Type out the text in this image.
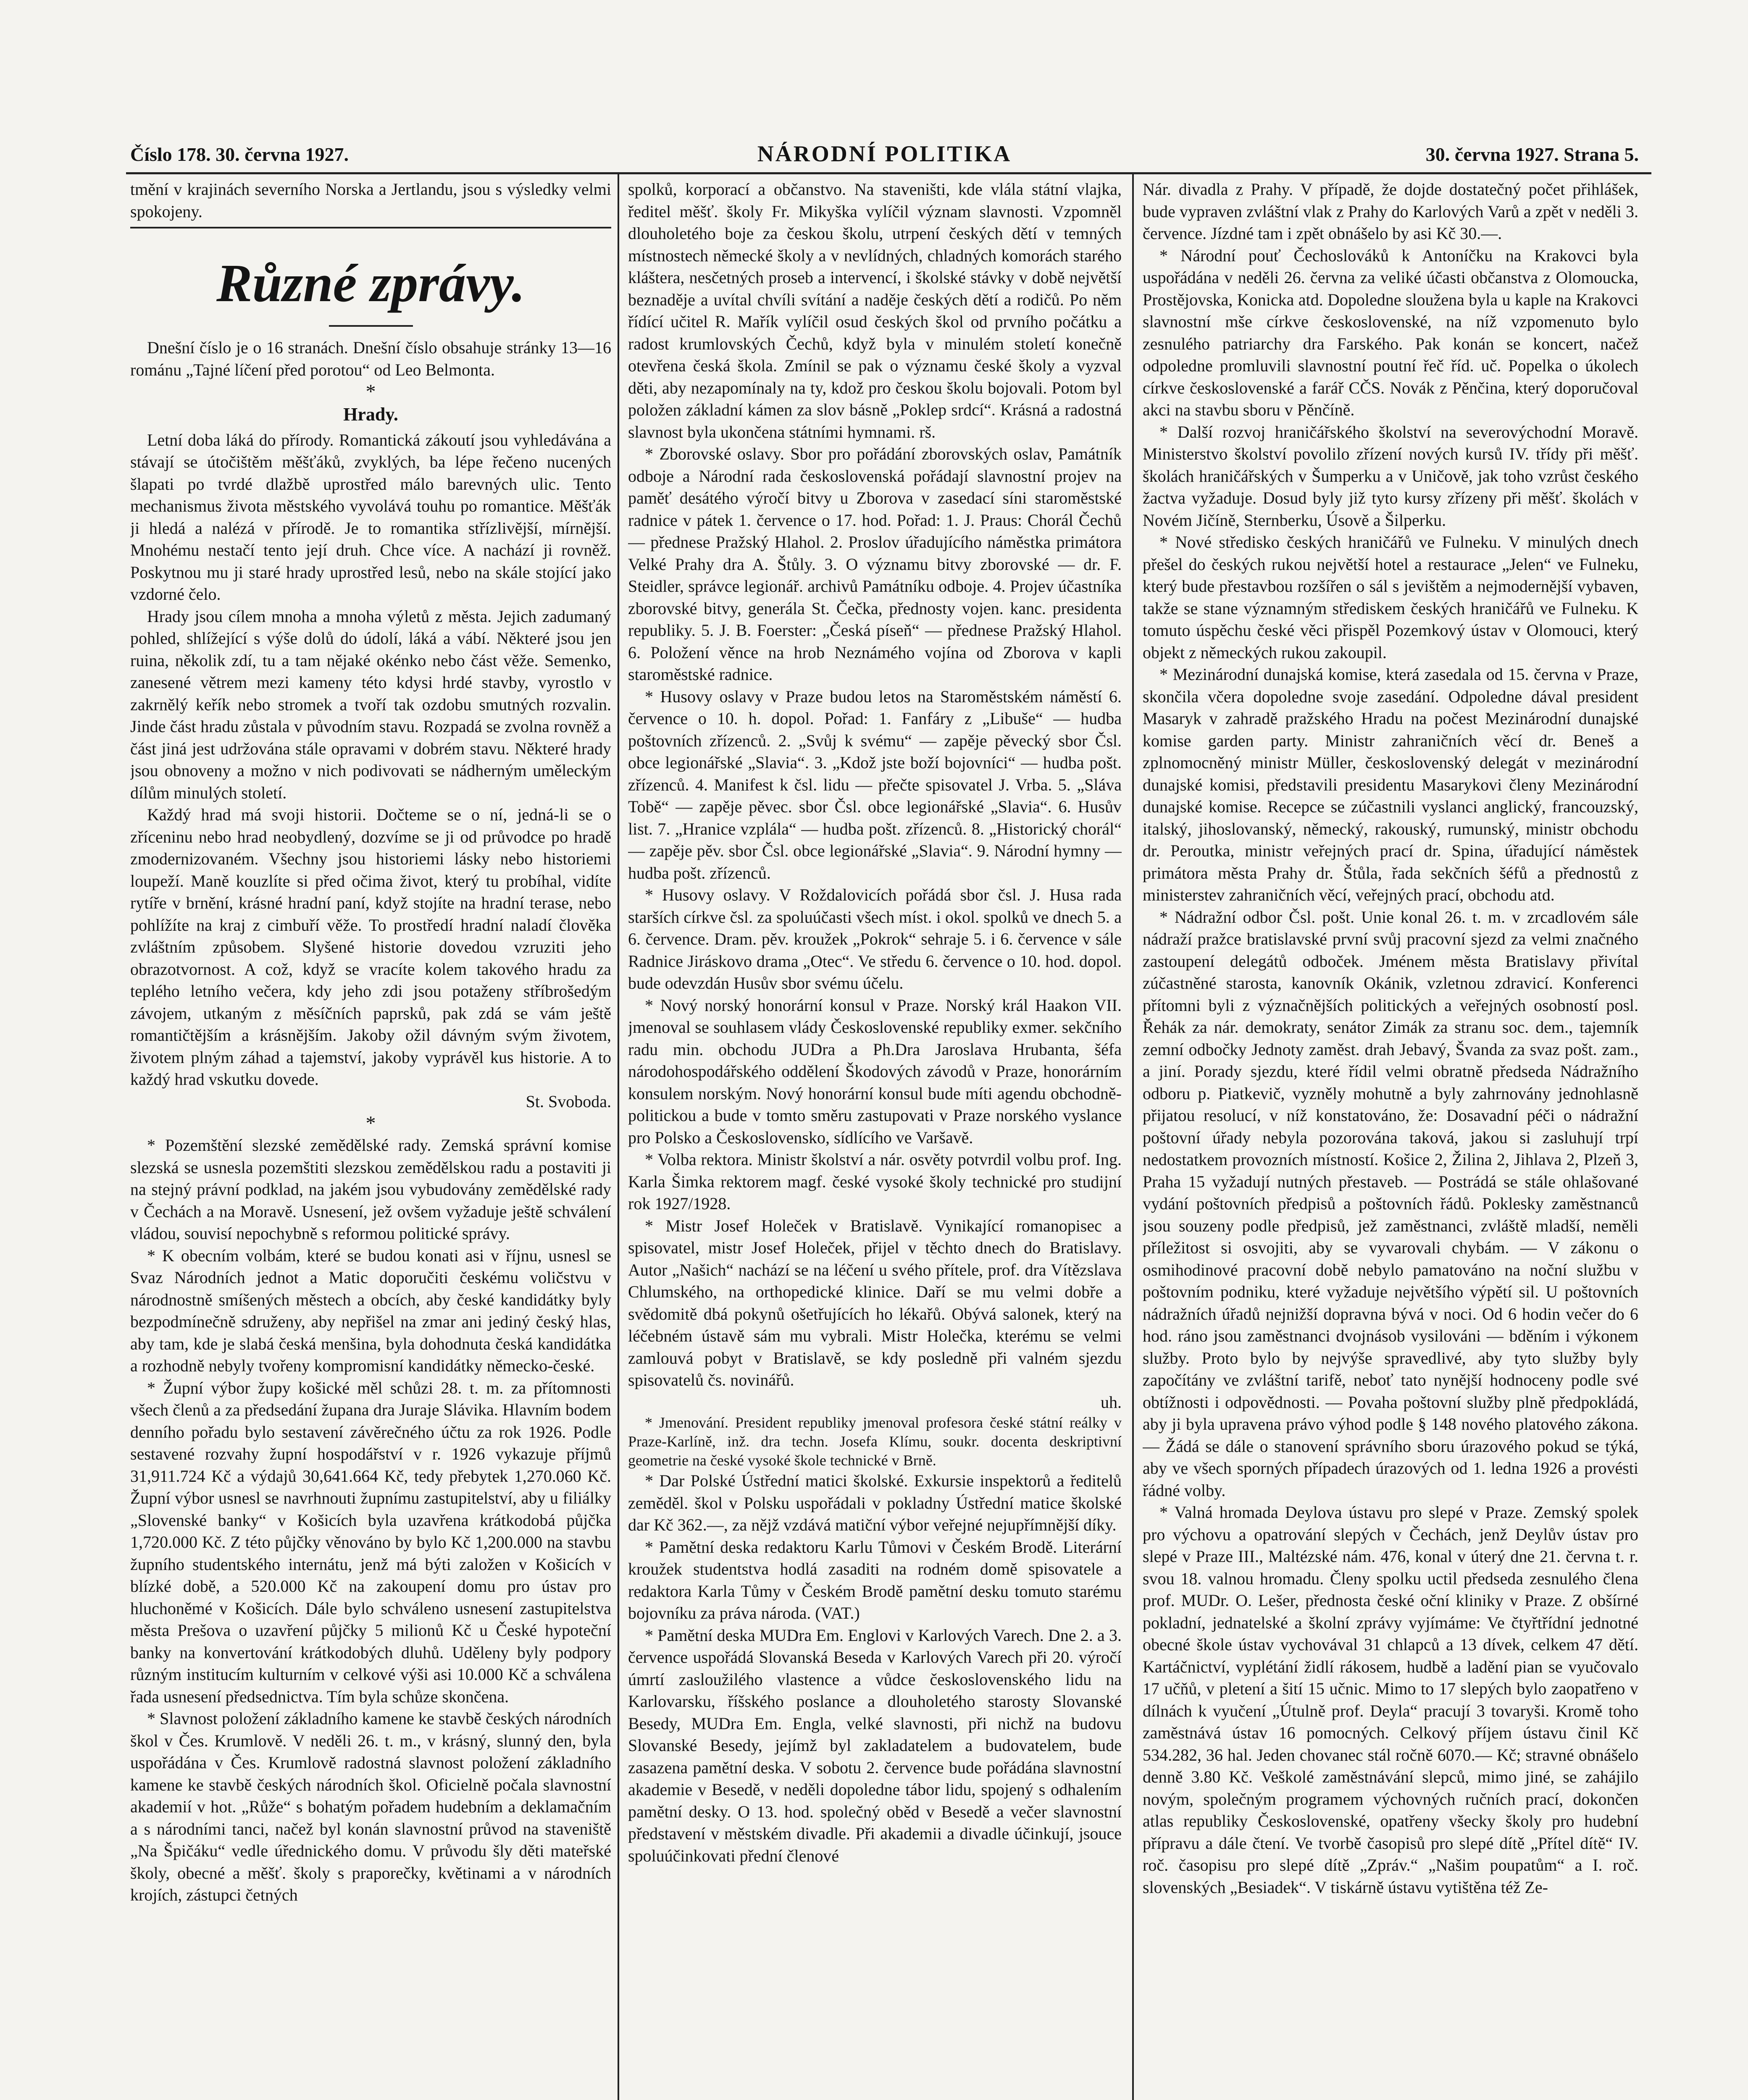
Číslo 178. 30. června 1927.	NÁRODNÍ POLITIKA	30. června 1927. Strana 5.

tmění v krajinách severního Norska a Jertlandu, jsou s výsledky velmi spokojeny.

Různé zprávy.

Dnešní číslo je o 16 stranách. Dnešní číslo obsahuje stránky 13—16 románu „Tajné líčení před porotou“ od Leo Belmonta.

*
Hrady.

Letní doba láká do přírody. Romantická zákoutí jsou vyhledávána a stávají se útočištěm měšťáků, zvyklých, ba lépe řečeno nucených šlapati po tvrdé dlažbě uprostřed málo barevných ulic. Tento mechanismus života městského vyvolává touhu po romantice. Měšťák ji hledá a nalézá v přírodě. Je to romantika střízlivější, mírnější. Mnohému nestačí tento její druh. Chce více. A nachází ji rovněž. Poskytnou mu ji staré hrady uprostřed lesů, nebo na skále stojící jako vzdorné čelo.

Hrady jsou cílem mnoha a mnoha výletů z města. Jejich zadumaný pohled, shlížející s výše dolů do údolí, láká a vábí. Některé jsou jen ruina, několik zdí, tu a tam nějaké okénko nebo část věže. Semenko, zanesené větrem mezi kameny této kdysi hrdé stavby, vyrostlo v zakrnělý keřík nebo stromek a tvoří tak ozdobu smutných rozvalin. Jinde část hradu zůstala v původním stavu. Rozpadá se zvolna rovněž a část jiná jest udržována stále opravami v dobrém stavu. Některé hrady jsou obnoveny a možno v nich podivovati se nádherným uměleckým dílům minulých století.

Každý hrad má svoji historii. Dočteme se o ní, jedná-li se o zříceninu nebo hrad neobydlený, dozvíme se ji od průvodce po hradě zmodernizovaném. Všechny jsou historiemi lásky nebo historiemi loupeží. Maně kouzlíte si před očima život, který tu probíhal, vidíte rytíře v brnění, krásné hradní paní, když stojíte na hradní terase, nebo pohlížíte na kraj z cimbuří věže. To prostředí hradní naladí člověka zvláštním způsobem. Slyšené historie dovedou vzruziti jeho obrazotvornost. A což, když se vracíte kolem takového hradu za teplého letního večera, kdy jeho zdi jsou potaženy stříbrošedým závojem, utkaným z měsíčních paprsků, pak zdá se vám ještě romantičtějším a krásnějším. Jakoby ožil dávným svým životem, životem plným záhad a tajemství, jakoby vyprávěl kus historie. A to každý hrad vskutku dovede.

St. Svoboda.

*

* Pozemštění slezské zemědělské rady. Zemská správní komise slezská se usnesla pozemštiti slezskou zemědělskou radu a postaviti ji na stejný právní podklad, na jakém jsou vybudovány zemědělské rady v Čechách a na Moravě. Usnesení, jež ovšem vyžaduje ještě schválení vládou, souvisí nepochybně s reformou politické správy.

* K obecním volbám, které se budou konati asi v říjnu, usnesl se Svaz Národních jednot a Matic doporučiti českému voličstvu v národnostně smíšených městech a obcích, aby české kandidátky byly bezpodmínečně sdruženy, aby nepřišel na zmar ani jediný český hlas, aby tam, kde je slabá česká menšina, byla dohodnuta česká kandidátka a rozhodně nebyly tvořeny kompromisní kandidátky německo-české.

* Župní výbor župy košické měl schůzi 28. t. m. za přítomnosti všech členů a za předsedání župana dra Juraje Slávika. Hlavním bodem denního pořadu bylo sestavení závěrečného účtu za rok 1926. Podle sestavené rozvahy župní hospodářství v r. 1926 vykazuje příjmů 31,911.724 Kč a výdajů 30,641.664 Kč, tedy přebytek 1,270.060 Kč. Župní výbor usnesl se navrhnouti župnímu zastupitelství, aby u filiálky „Slovenské banky“ v Košicích byla uzavřena krátkodobá půjčka 1,720.000 Kč. Z této půjčky věnováno by bylo Kč 1,200.000 na stavbu župního studentského internátu, jenž má býti založen v Košicích v blízké době, a 520.000 Kč na zakoupení domu pro ústav pro hluchoněmé v Košicích. Dále bylo schváleno usnesení zastupitelstva města Prešova o uzavření půjčky 5 milionů Kč u České hypoteční banky na konvertování krátkodobých dluhů. Uděleny byly podpory různým institucím kulturním v celkové výši asi 10.000 Kč a schválena řada usnesení předsednictva. Tím byla schůze skončena.

* Slavnost položení základního kamene ke stavbě českých národních škol v Čes. Krumlově. V neděli 26. t. m., v krásný, slunný den, byla uspořádána v Čes. Krumlově radostná slavnost položení základního kamene ke stavbě českých národních škol. Oficielně počala slavnostní akademií v hot. „Růže“ s bohatým pořadem hudebním a deklamačním a s národními tanci, načež byl konán slavnostní průvod na staveniště „Na Špičáku“ vedle úřednického domu. V průvodu šly děti mateřské školy, obecné a měšť. školy s praporečky, květinami a v národních krojích, zástupci četných

spolků, korporací a občanstvo. Na staveništi, kde vlála státní vlajka, ředitel měšť. školy Fr. Mikyška vylíčil význam slavnosti. Vzpomněl dlouholetého boje za českou školu, utrpení českých dětí v temných místnostech německé školy a v nevlídných, chladných komorách starého kláštera, nesčetných proseb a intervencí, i školské stávky v době největší beznaděje a uvítal chvíli svítání a naděje českých dětí a rodičů. Po něm řídící učitel R. Mařík vylíčil osud českých škol od prvního počátku a radost krumlovských Čechů, když byla v minulém století konečně otevřena česká škola. Zmínil se pak o významu české školy a vyzval děti, aby nezapomínaly na ty, kdož pro českou školu bojovali. Potom byl položen základní kámen za slov básně „Poklep srdcí“. Krásná a radostná slavnost byla ukončena státními hymnami. rš.

* Zborovské oslavy. Sbor pro pořádání zborovských oslav, Památník odboje a Národní rada československá pořádají slavnostní projev na paměť desátého výročí bitvy u Zborova v zasedací síni staroměstské radnice v pátek 1. července o 17. hod. Pořad: 1. J. Praus: Chorál Čechů — přednese Pražský Hlahol. 2. Proslov úřadujícího náměstka primátora Velké Prahy dra A. Štůly. 3. O významu bitvy zborovské — dr. F. Steidler, správce legionář. archivů Památníku odboje. 4. Projev účastníka zborovské bitvy, generála St. Čečka, přednosty vojen. kanc. presidenta republiky. 5. J. B. Foerster: „Česká píseň“ — přednese Pražský Hlahol. 6. Položení věnce na hrob Neznámého vojína od Zborova v kapli staroměstské radnice.

* Husovy oslavy v Praze budou letos na Staroměstském náměstí 6. července o 10. h. dopol. Pořad: 1. Fanfáry z „Libuše“ — hudba poštovních zřízenců. 2. „Svůj k svému“ — zapěje pěvecký sbor Čsl. obce legionářské „Slavia“. 3. „Kdož jste boží bojovníci“ — hudba pošt. zřízenců. 4. Manifest k čsl. lidu — přečte spisovatel J. Vrba. 5. „Sláva Tobě“ — zapěje pěvec. sbor Čsl. obce legionářské „Slavia“. 6. Husův list. 7. „Hranice vzplála“ — hudba pošt. zřízenců. 8. „Historický chorál“ — zapěje pěv. sbor Čsl. obce legionářské „Slavia“. 9. Národní hymny — hudba pošt. zřízenců.

* Husovy oslavy. V Roždalovicích pořádá sbor čsl. J. Husa rada starších církve čsl. za spoluúčasti všech míst. i okol. spolků ve dnech 5. a 6. července. Dram. pěv. kroužek „Pokrok“ sehraje 5. i 6. července v sále Radnice Jiráskovo drama „Otec“. Ve středu 6. července o 10. hod. dopol. bude odevzdán Husův sbor svému účelu.

* Nový norský honorární konsul v Praze. Norský král Haakon VII. jmenoval se souhlasem vlády Československé republiky exmer. sekčního radu min. obchodu JUDra a Ph.Dra Jaroslava Hrubanta, šéfa národohospodářského oddělení Škodových závodů v Praze, honorárním konsulem norským. Nový honorární konsul bude míti agendu obchodně-politickou a bude v tomto směru zastupovati v Praze norského vyslance pro Polsko a Československo, sídlícího ve Varšavě.

* Volba rektora. Ministr školství a nár. osvěty potvrdil volbu prof. Ing. Karla Šimka rektorem magf. české vysoké školy technické pro studijní rok 1927/1928.

* Mistr Josef Holeček v Bratislavě. Vynikající romanopisec a spisovatel, mistr Josef Holeček, přijel v těchto dnech do Bratislavy. Autor „Našich“ nachází se na léčení u svého přítele, prof. dra Vítězslava Chlumského, na orthopedické klinice. Daří se mu velmi dobře a svědomitě dbá pokynů ošetřujících ho lékařů. Obývá salonek, který na léčebném ústavě sám mu vybrali. Mistr Holečka, kterému se velmi zamlouvá pobyt v Bratislavě, se kdy posledně při valném sjezdu spisovatelů čs. novinářů.

uh.

* Jmenování. President republiky jmenoval profesora české státní reálky v Praze-Karlíně, inž. dra techn. Josefa Klímu, soukr. docenta deskriptivní geometrie na české vysoké škole technické v Brně.

* Dar Polské Ústřední matici školské. Exkursie inspektorů a ředitelů zeměděl. škol v Polsku uspořádali v pokladny Ústřední matice školské dar Kč 362.—, za nějž vzdává matiční výbor veřejné nejupřímnější díky.

* Pamětní deska redaktoru Karlu Tůmovi v Českém Brodě. Literární kroužek studentstva hodlá zasaditi na rodném domě spisovatele a redaktora Karla Tůmy v Českém Brodě pamětní desku tomuto starému bojovníku za práva národa. (VAT.)

* Pamětní deska MUDra Em. Englovi v Karlových Varech. Dne 2. a 3. července uspořádá Slovanská Beseda v Karlových Varech při 20. výročí úmrtí zasloužilého vlastence a vůdce československého lidu na Karlovarsku, říšského poslance a dlouholetého starosty Slovanské Besedy, MUDra Em. Engla, velké slavnosti, při nichž na budovu Slovanské Besedy, jejímž byl zakladatelem a budovatelem, bude zasazena pamětní deska. V sobotu 2. července bude pořádána slavnostní akademie v Besedě, v neděli dopoledne tábor lidu, spojený s odhalením pamětní desky. O 13. hod. společný oběd v Besedě a večer slavnostní představení v městském divadle. Při akademii a divadle účinkují, jsouce spoluúčinkovati přední členové

Nár. divadla z Prahy. V případě, že dojde dostatečný počet přihlášek, bude vypraven zvláštní vlak z Prahy do Karlových Varů a zpět v neděli 3. července. Jízdné tam i zpět obnášelo by asi Kč 30.—.

* Národní pouť Čechoslováků k Antoníčku na Krakovci byla uspořádána v neděli 26. června za veliké účasti občanstva z Olomoucka, Prostějovska, Konicka atd. Dopoledne sloužena byla u kaple na Krakovci slavnostní mše církve československé, na níž vzpomenuto bylo zesnulého patriarchy dra Farského. Pak konán se koncert, načež odpoledne promluvili slavnostní poutní řeč říd. uč. Popelka o úkolech církve československé a farář CČS. Novák z Pěnčina, který doporučoval akci na stavbu sboru v Pěnčíně.

* Další rozvoj hraničářského školství na severovýchodní Moravě. Ministerstvo školství povolilo zřízení nových kursů IV. třídy při měšť. školách hraničářských v Šumperku a v Uničově, jak toho vzrůst českého žactva vyžaduje. Dosud byly již tyto kursy zřízeny při měšť. školách v Novém Jičíně, Sternberku, Úsově a Šilperku.

* Nové středisko českých hraničářů ve Fulneku. V minulých dnech přešel do českých rukou největší hotel a restaurace „Jelen“ ve Fulneku, který bude přestavbou rozšířen o sál s jevištěm a nejmodernější vybaven, takže se stane významným střediskem českých hraničářů ve Fulneku. K tomuto úspěchu české věci přispěl Pozemkový ústav v Olomouci, který objekt z německých rukou zakoupil.

* Mezinárodní dunajská komise, která zasedala od 15. června v Praze, skončila včera dopoledne svoje zasedání. Odpoledne dával president Masaryk v zahradě pražského Hradu na počest Mezinárodní dunajské komise garden party. Ministr zahraničních věcí dr. Beneš a zplnomocněný ministr Müller, československý delegát v mezinárodní dunajské komisi, představili presidentu Masarykovi členy Mezinárodní dunajské komise. Recepce se zúčastnili vyslanci anglický, francouzský, italský, jihoslovanský, německý, rakouský, rumunský, ministr obchodu dr. Peroutka, ministr veřejných prací dr. Spina, úřadující náměstek primátora města Prahy dr. Štůla, řada sekčních šéfů a přednostů z ministerstev zahraničních věcí, veřejných prací, obchodu atd.

* Nádražní odbor Čsl. pošt. Unie konal 26. t. m. v zrcadlovém sále nádraží pražce bratislavské první svůj pracovní sjezd za velmi značného zastoupení delegátů odboček. Jménem města Bratislavy přivítal zúčastněné starosta, kanovník Okánik, vzletnou zdravicí. Konferenci přítomni byli z význačnějších politických a veřejných osobností posl. Řehák za nár. demokraty, senátor Zimák za stranu soc. dem., tajemník zemní odbočky Jednoty zaměst. drah Jebavý, Švanda za svaz pošt. zam., a jiní. Porady sjezdu, které řídil velmi obratně předseda Nádražního odboru p. Piatkevič, vyzněly mohutně a byly zahrnovány jednohlasně přijatou resolucí, v níž konstatováno, že: Dosavadní péči o nádražní poštovní úřady nebyla pozorována taková, jakou si zasluhují trpí nedostatkem provozních místností. Košice 2, Žilina 2, Jihlava 2, Plzeň 3, Praha 15 vyžadují nutných přestaveb. — Postrádá se stále ohlašované vydání poštovních předpisů a poštovních řádů. Poklesky zaměstnanců jsou souzeny podle předpisů, jež zaměstnanci, zvláště mladší, neměli příležitost si osvojiti, aby se vyvarovali chybám. — V zákonu o osmihodinové pracovní době nebylo pamatováno na noční službu v poštovním podniku, které vyžaduje největšího výpětí sil. U poštovních nádražních úřadů nejnižší dopravna bývá v noci. Od 6 hodin večer do 6 hod. ráno jsou zaměstnanci dvojnásob vysilováni — bděním i výkonem služby. Proto bylo by nejvýše spravedlivé, aby tyto služby byly započítány ve zvláštní tarifě, neboť tato nynější hodnoceny podle své obtížnosti i odpovědnosti. — Povaha poštovní služby plně předpokládá, aby ji byla upravena právo výhod podle § 148 nového platového zákona. — Žádá se dále o stanovení správního sboru úrazového pokud se týká, aby ve všech sporných případech úrazových od 1. ledna 1926 a provésti řádné volby.

* Valná hromada Deylova ústavu pro slepé v Praze. Zemský spolek pro výchovu a opatrování slepých v Čechách, jenž Deylův ústav pro slepé v Praze III., Maltézské nám. 476, konal v úterý dne 21. června t. r. svou 18. valnou hromadu. Členy spolku uctil předseda zesnulého člena prof. MUDr. O. Lešer, přednosta české oční kliniky v Praze. Z obšírné pokladní, jednatelské a školní zprávy vyjímáme: Ve čtyřtřídní jednotné obecné škole ústav vychovával 31 chlapců a 13 dívek, celkem 47 dětí. Kartáčnictví, vyplétání židlí rákosem, hudbě a ladění pian se vyučovalo 17 učňů, v pletení a šití 15 učnic. Mimo to 17 slepých bylo zaopatřeno v dílnách k vyučení „Útulně prof. Deyla“ pracují 3 tovaryši. Kromě toho zaměstnává ústav 16 pomocných. Celkový příjem ústavu činil Kč 534.282, 36 hal. Jeden chovanec stál ročně 6070.— Kč; stravné obnášelo denně 3.80 Kč. Veškolé zaměstnávání slepců, mimo jiné, se zahájilo novým, společným programem výchovných ručních prací, dokončen atlas republiky Československé, opatřeny všecky školy pro hudební přípravu a dále čtení. Ve tvorbě časopisů pro slepé dítě „Přítel dítě“ IV. roč. časopisu pro slepé dítě „Zpráv.“ „Našim poupatům“ a I. roč. slovenských „Besiadek“. V tiskárně ústavu vytištěna též Ze-
